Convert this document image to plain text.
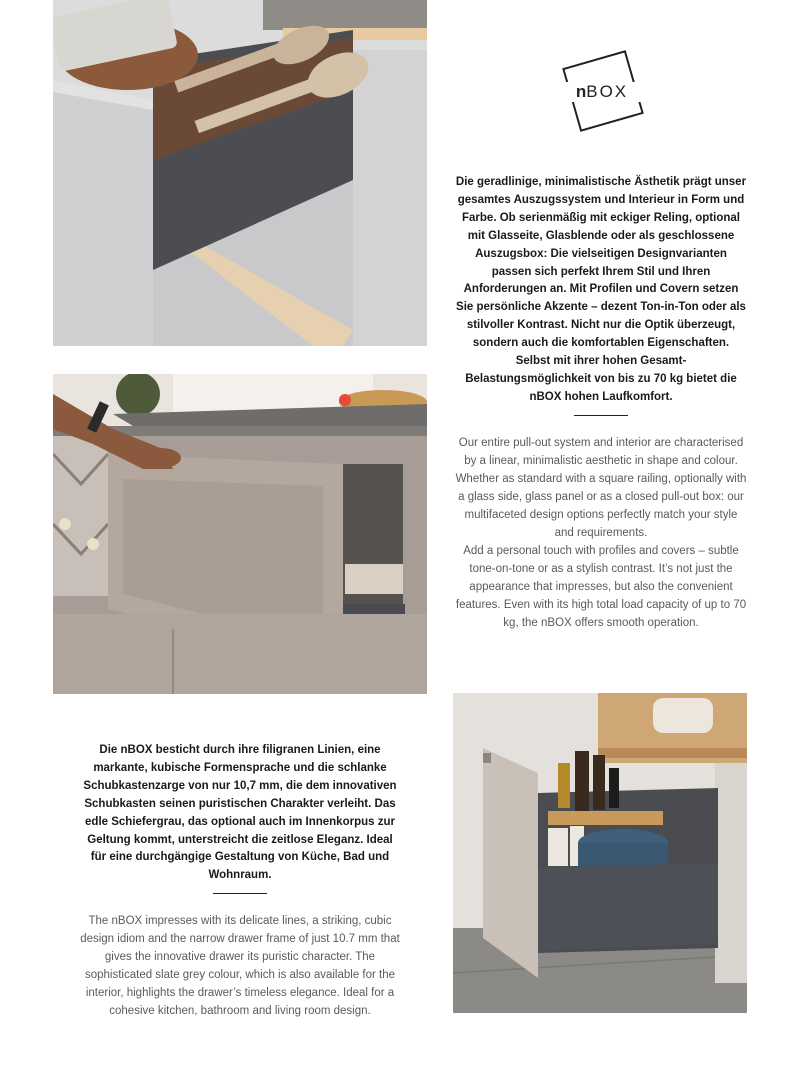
nBOX

Die geradlinige, minimalistische Ästhetik prägt unser gesamtes Auszugssystem und Interieur in Form und Farbe. Ob serienmäßig mit eckiger Reling, optional mit Glasseite, Glasblende oder als geschlossene Auszugsbox: Die vielseitigen Designvarianten passen sich perfekt Ihrem Stil und Ihren Anforderungen an. Mit Profilen und Covern setzen Sie persönliche Akzente – dezent Ton-in-Ton oder als stilvoller Kontrast. Nicht nur die Optik überzeugt, sondern auch die komfortablen Eigenschaften. Selbst mit ihrer hohen Gesamt-Belastungsmöglichkeit von bis zu 70 kg bietet die nBOX hohen Laufkomfort.

Our entire pull-out system and interior are characterised by a linear, minimalistic aesthetic in shape and colour. Whether as standard with a square railing, optionally with a glass side, glass panel or as a closed pull-out box: our multifaceted design options perfectly match your style and requirements.

Add a personal touch with profiles and covers – subtle tone-on-tone or as a stylish contrast. It’s not just the appearance that impresses, but also the convenient features. Even with its high total load capacity of up to 70 kg, the nBOX offers smooth operation.

Die nBOX besticht durch ihre filigranen Linien, eine markante, kubische Formensprache und die schlanke Schubkastenzarge von nur 10,7 mm, die dem innovativen Schubkasten seinen puristischen Charakter verleiht. Das edle Schiefergrau, das optional auch im Innenkorpus zur Geltung kommt, unterstreicht die zeitlose Eleganz. Ideal für eine durchgängige Gestaltung von Küche, Bad und Wohnraum.

The nBOX impresses with its delicate lines, a striking, cubic design idiom and the narrow drawer frame of just 10.7 mm that gives the innovative drawer its puristic character. The sophisticated slate grey colour, which is also available for the interior, highlights the drawer’s timeless elegance. Ideal for a cohesive kitchen, bathroom and living room design.
